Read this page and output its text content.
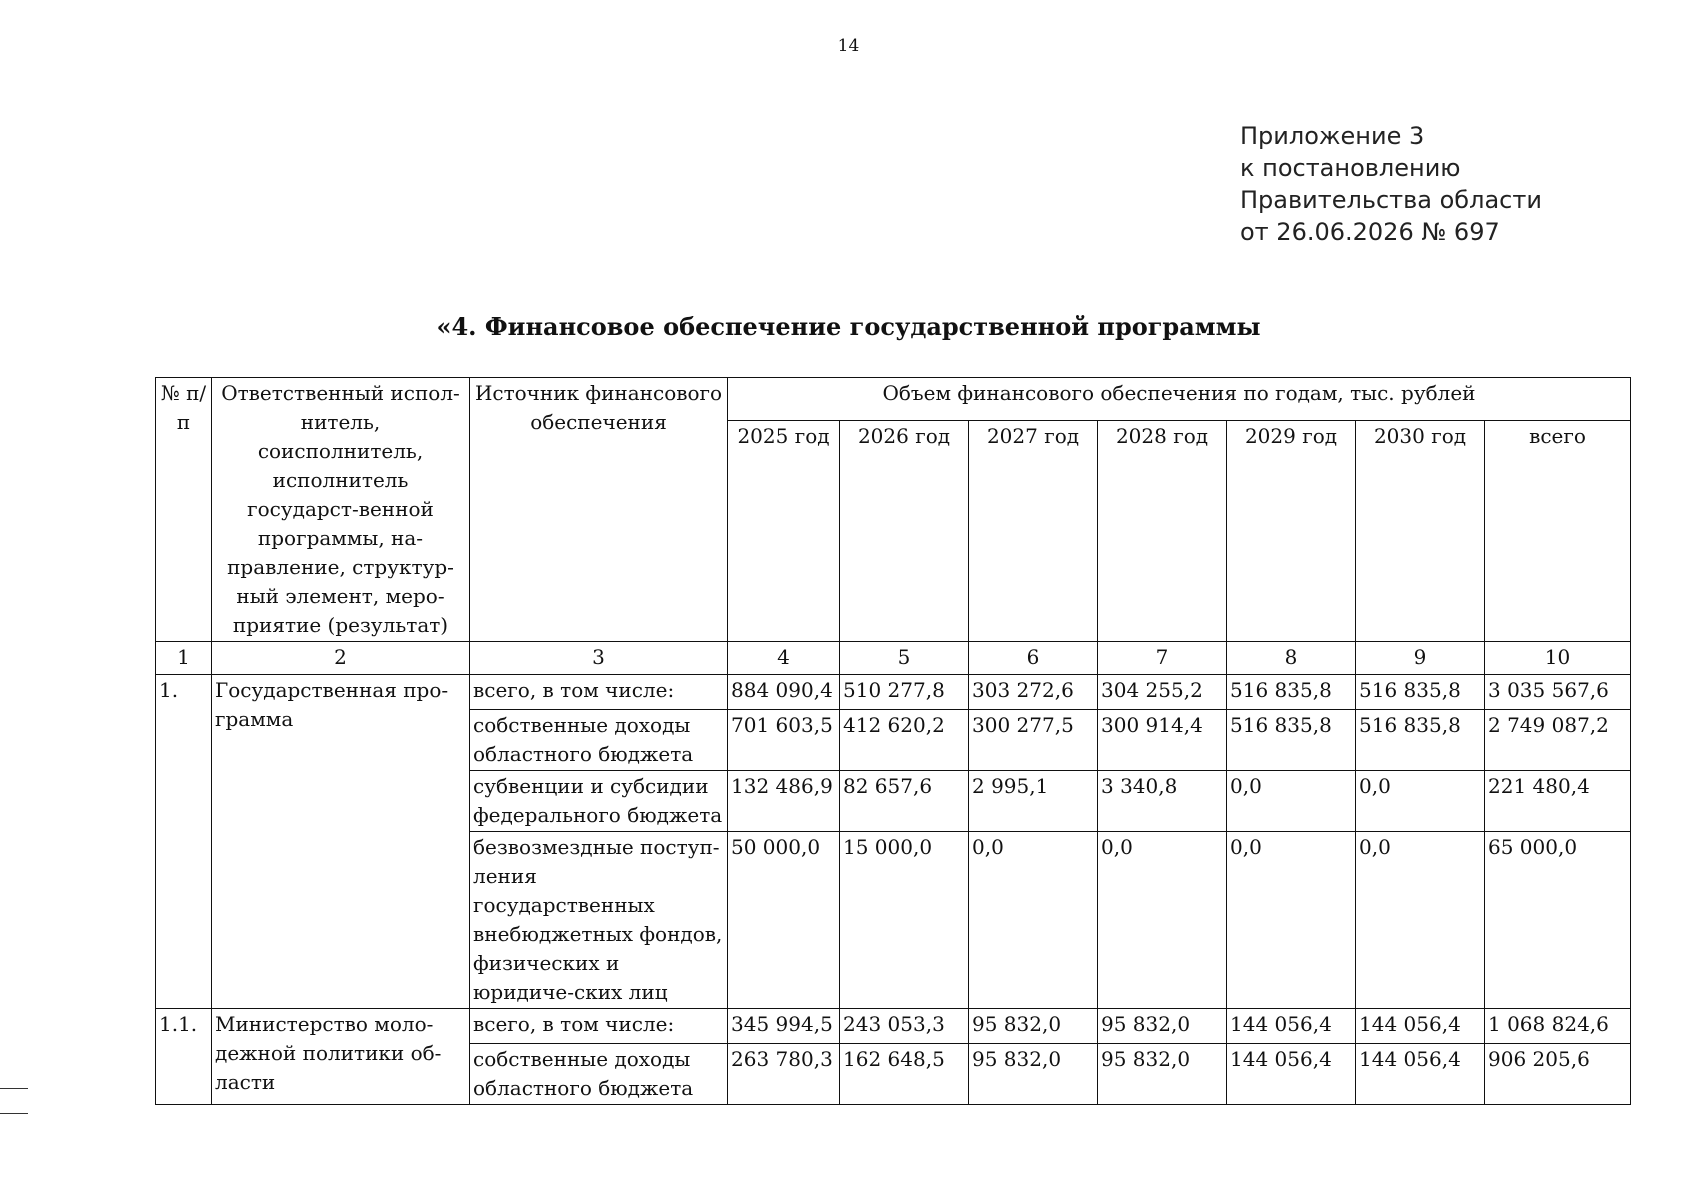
14
Приложение 3
к постановлению
Правительства области
от 26.06.2026 № 697
«4. Финансовое обеспечение государственной программы
№ п/п	Ответственный испол-нитель, соисполнитель, исполнитель государст-венной программы, на-правление, структур-ный элемент, меро-приятие (результат)	Источник финансового обеспечения	Объем финансового обеспечения по годам, тыс. рублей						
			2025 год	2026 год	2027 год	2028 год	2029 год	2030 год	всего
1	2	3	4	5	6	7	8	9	10
1.	Государственная про-грамма	всего, в том числе:	884 090,4	510 277,8	303 272,6	304 255,2	516 835,8	516 835,8	3 035 567,6
		собственные доходы областного бюджета	701 603,5	412 620,2	300 277,5	300 914,4	516 835,8	516 835,8	2 749 087,2
		субвенции и субсидии федерального бюджета	132 486,9	82 657,6	2 995,1	3 340,8	0,0	0,0	221 480,4
		безвозмездные поступ-ления государственных внебюджетных фондов, физических и юридиче-ских лиц	50 000,0	15 000,0	0,0	0,0	0,0	0,0	65 000,0
1.1.	Министерство моло-дежной политики об-ласти	всего, в том числе:	345 994,5	243 053,3	95 832,0	95 832,0	144 056,4	144 056,4	1 068 824,6
		собственные доходы областного бюджета	263 780,3	162 648,5	95 832,0	95 832,0	144 056,4	144 056,4	906 205,6
